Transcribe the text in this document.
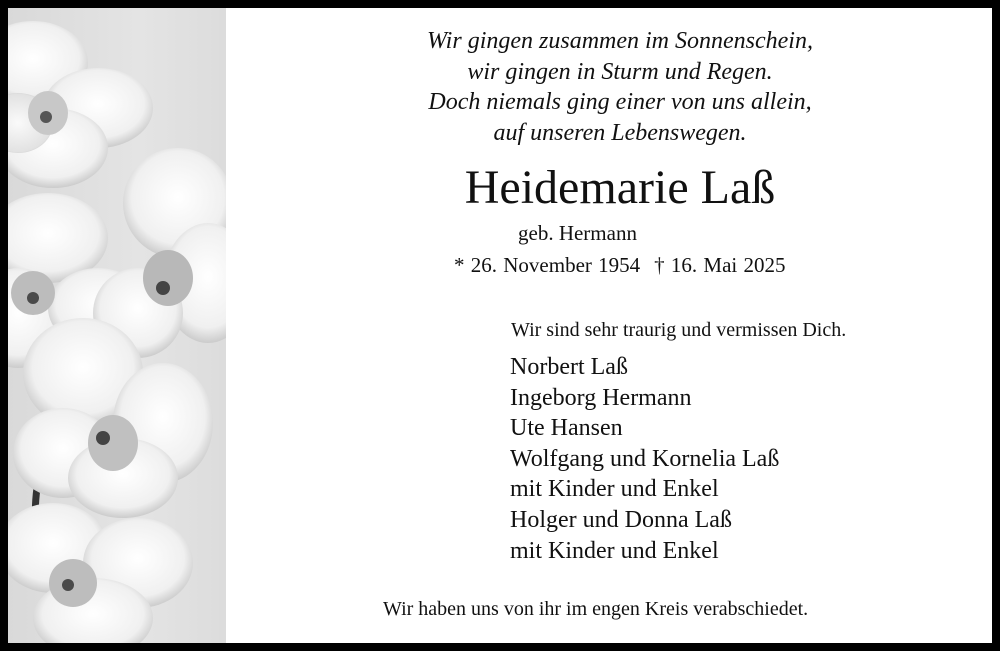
Wir gingen zusammen im Sonnenschein,
wir gingen in Sturm und Regen.
Doch niemals ging einer von uns allein,
auf unseren Lebenswegen.
Heidemarie Laß
geb. Hermann
* 26. November 1954 † 16. Mai 2025
Wir sind sehr traurig und vermissen Dich.
Norbert Laß
Ingeborg Hermann
Ute Hansen
Wolfgang und Kornelia Laß
mit Kinder und Enkel
Holger und Donna Laß
mit Kinder und Enkel
Wir haben uns von ihr im engen Kreis verabschiedet.
